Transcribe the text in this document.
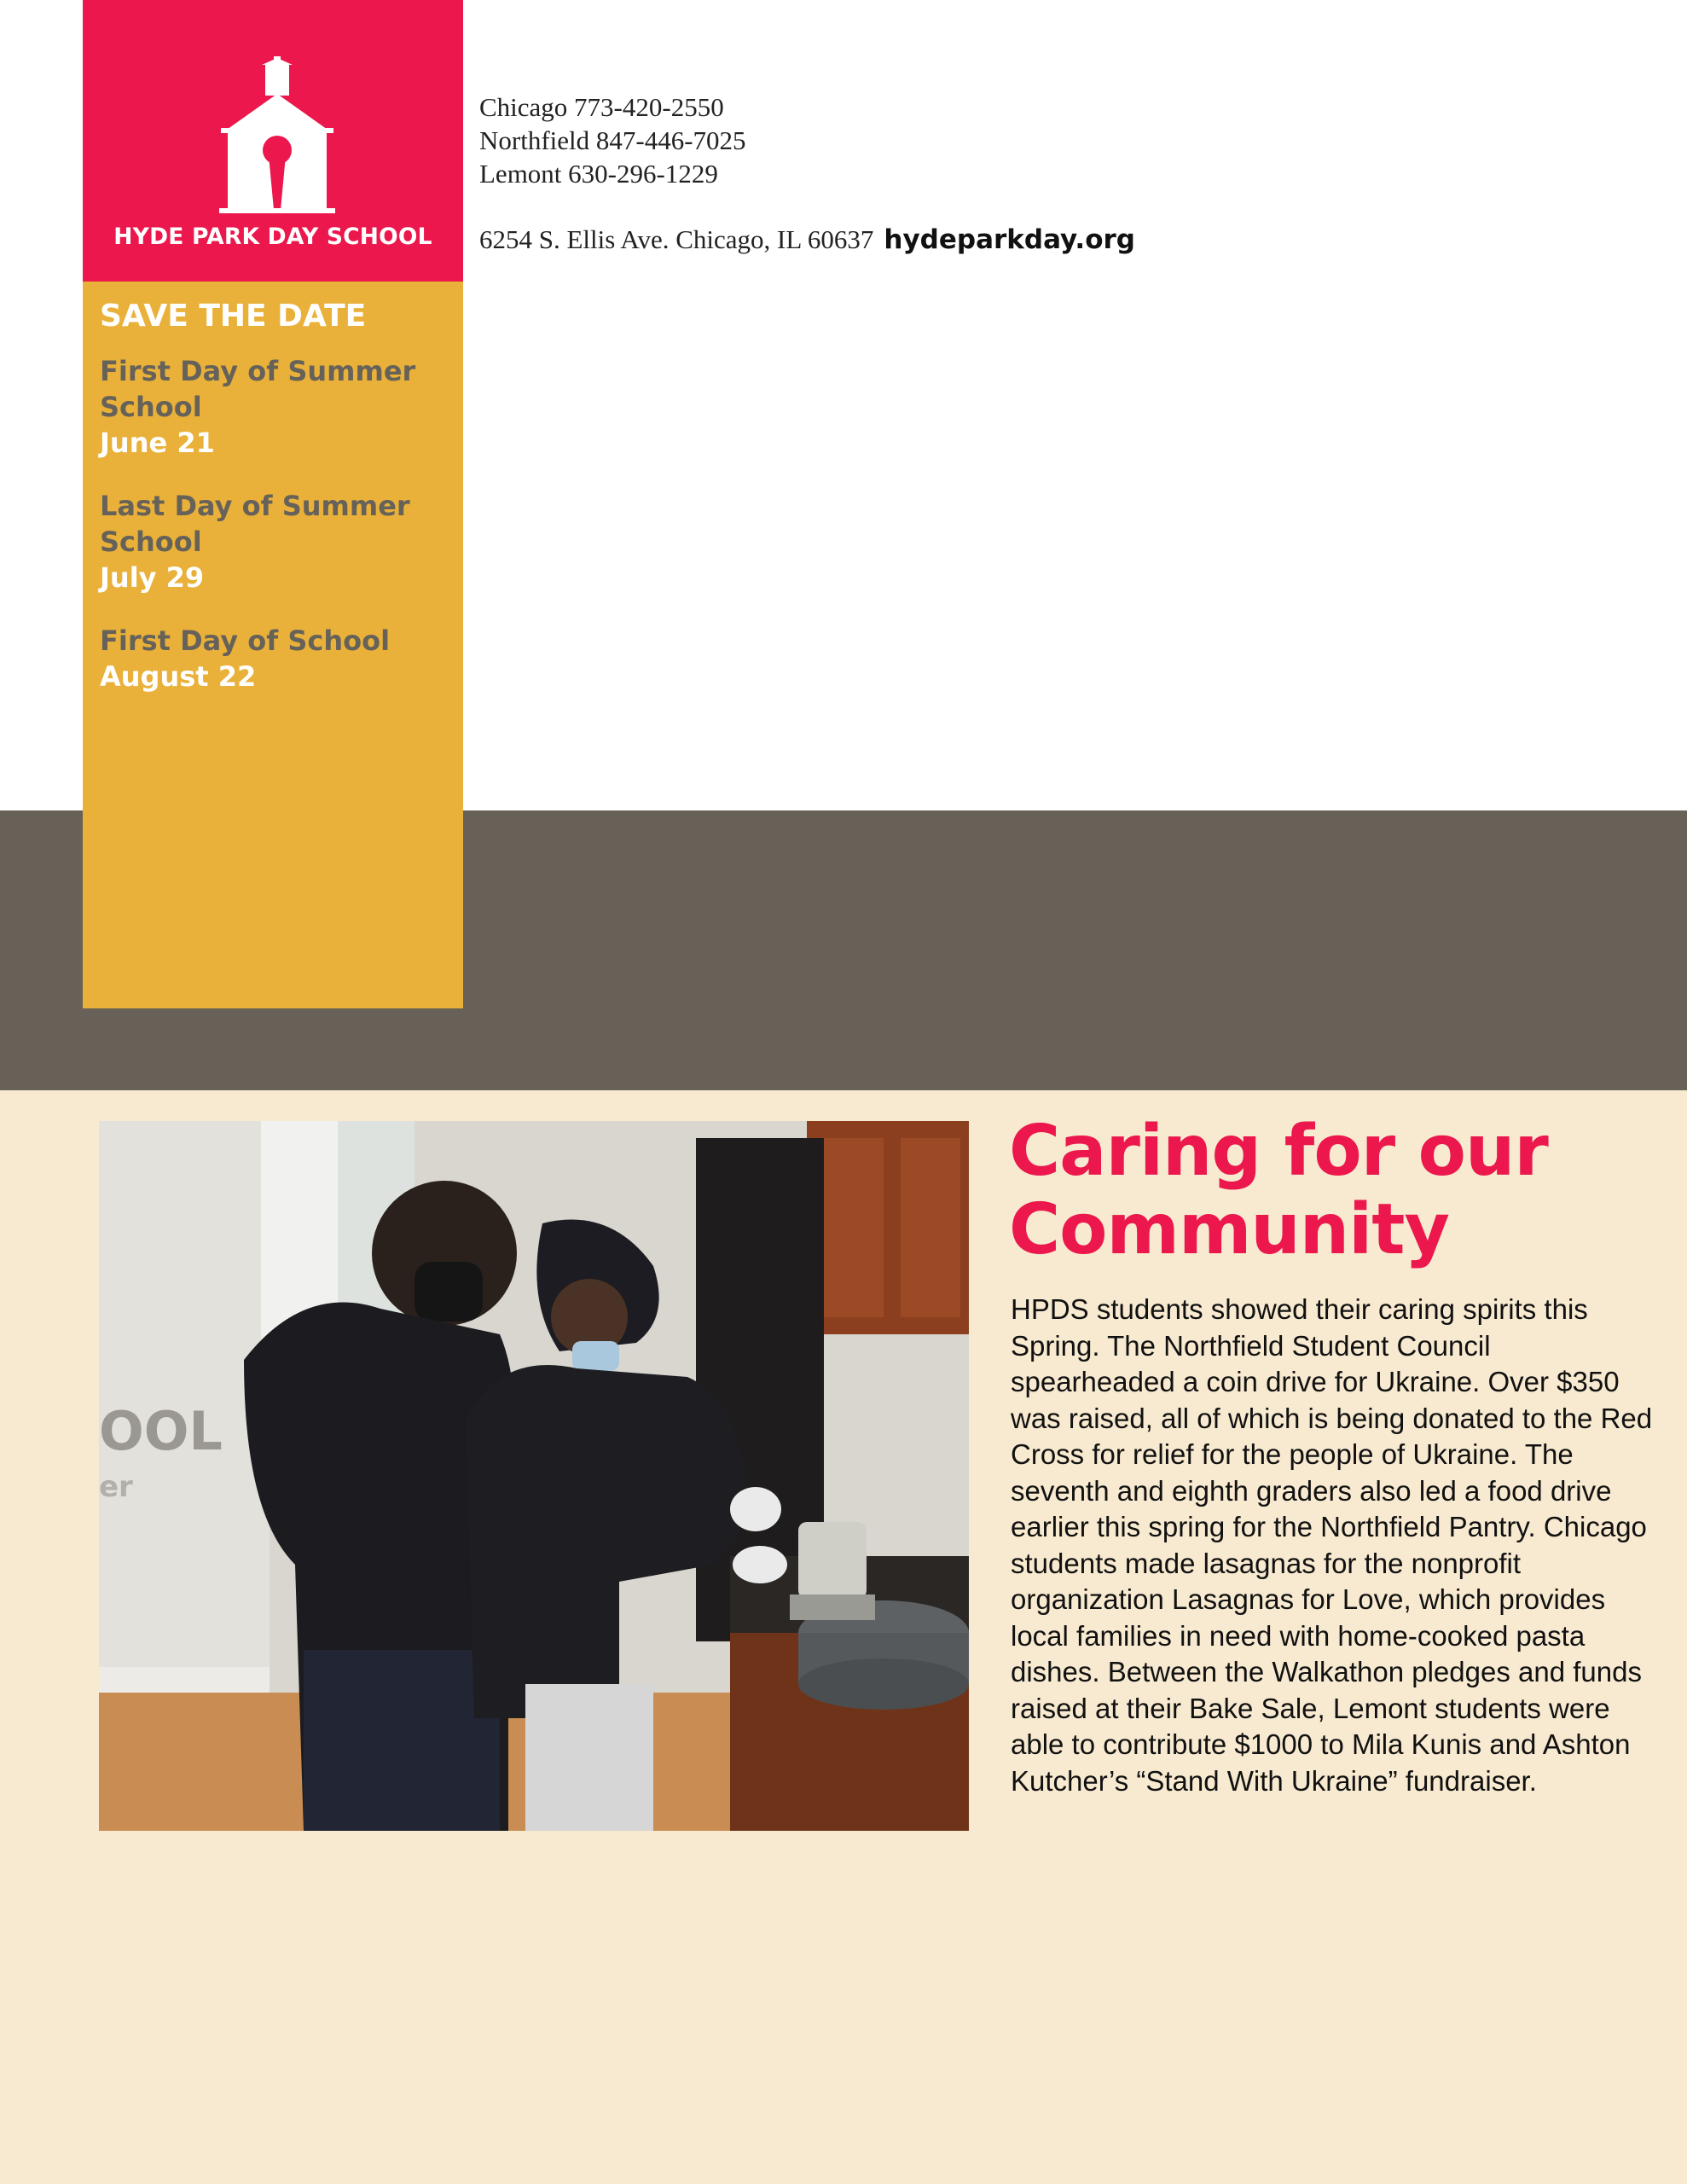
HYDE PARK DAY SCHOOL
SAVE THE DATE
First Day of Summer School
June 21
Last Day of Summer School
July 29
First Day of School
August 22
Chicago 773-420-2550
Northfield 847-446-7025
Lemont 630-296-1229
6254 S. Ellis Ave. Chicago, IL 60637 hydeparkday.org
OOL
er
Caring for our Community
HPDS students showed their caring spirits this Spring. The Northfield Student Council spearheaded a coin drive for Ukraine. Over $350 was raised, all of which is being donated to the Red Cross for relief for the people of Ukraine. The seventh and eighth graders also led a food drive earlier this spring for the Northfield Pantry. Chicago students made lasagnas for the nonprofit organization Lasagnas for Love, which provides local families in need with home-cooked pasta dishes. Between the Walkathon pledges and funds raised at their Bake Sale, Lemont students were able to contribute $1000 to Mila Kunis and Ashton Kutcher’s “Stand With Ukraine” fundraiser.
